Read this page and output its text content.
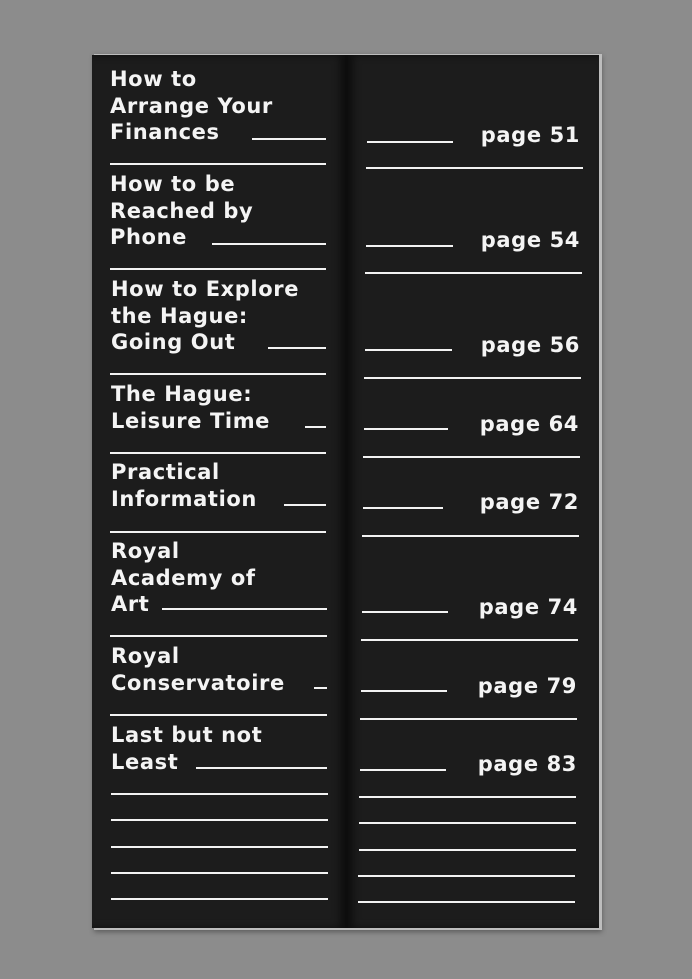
How to
Arrange Your
Finances	page 51
How to be
Reached by
Phone	page 54
How to Explore
the Hague:
Going Out	page 56
The Hague:
Leisure Time	page 64
Practical
Information	page 72
Royal
Academy of
Art	page 74
Royal
Conservatoire	page 79
Last but not
Least	page 83
